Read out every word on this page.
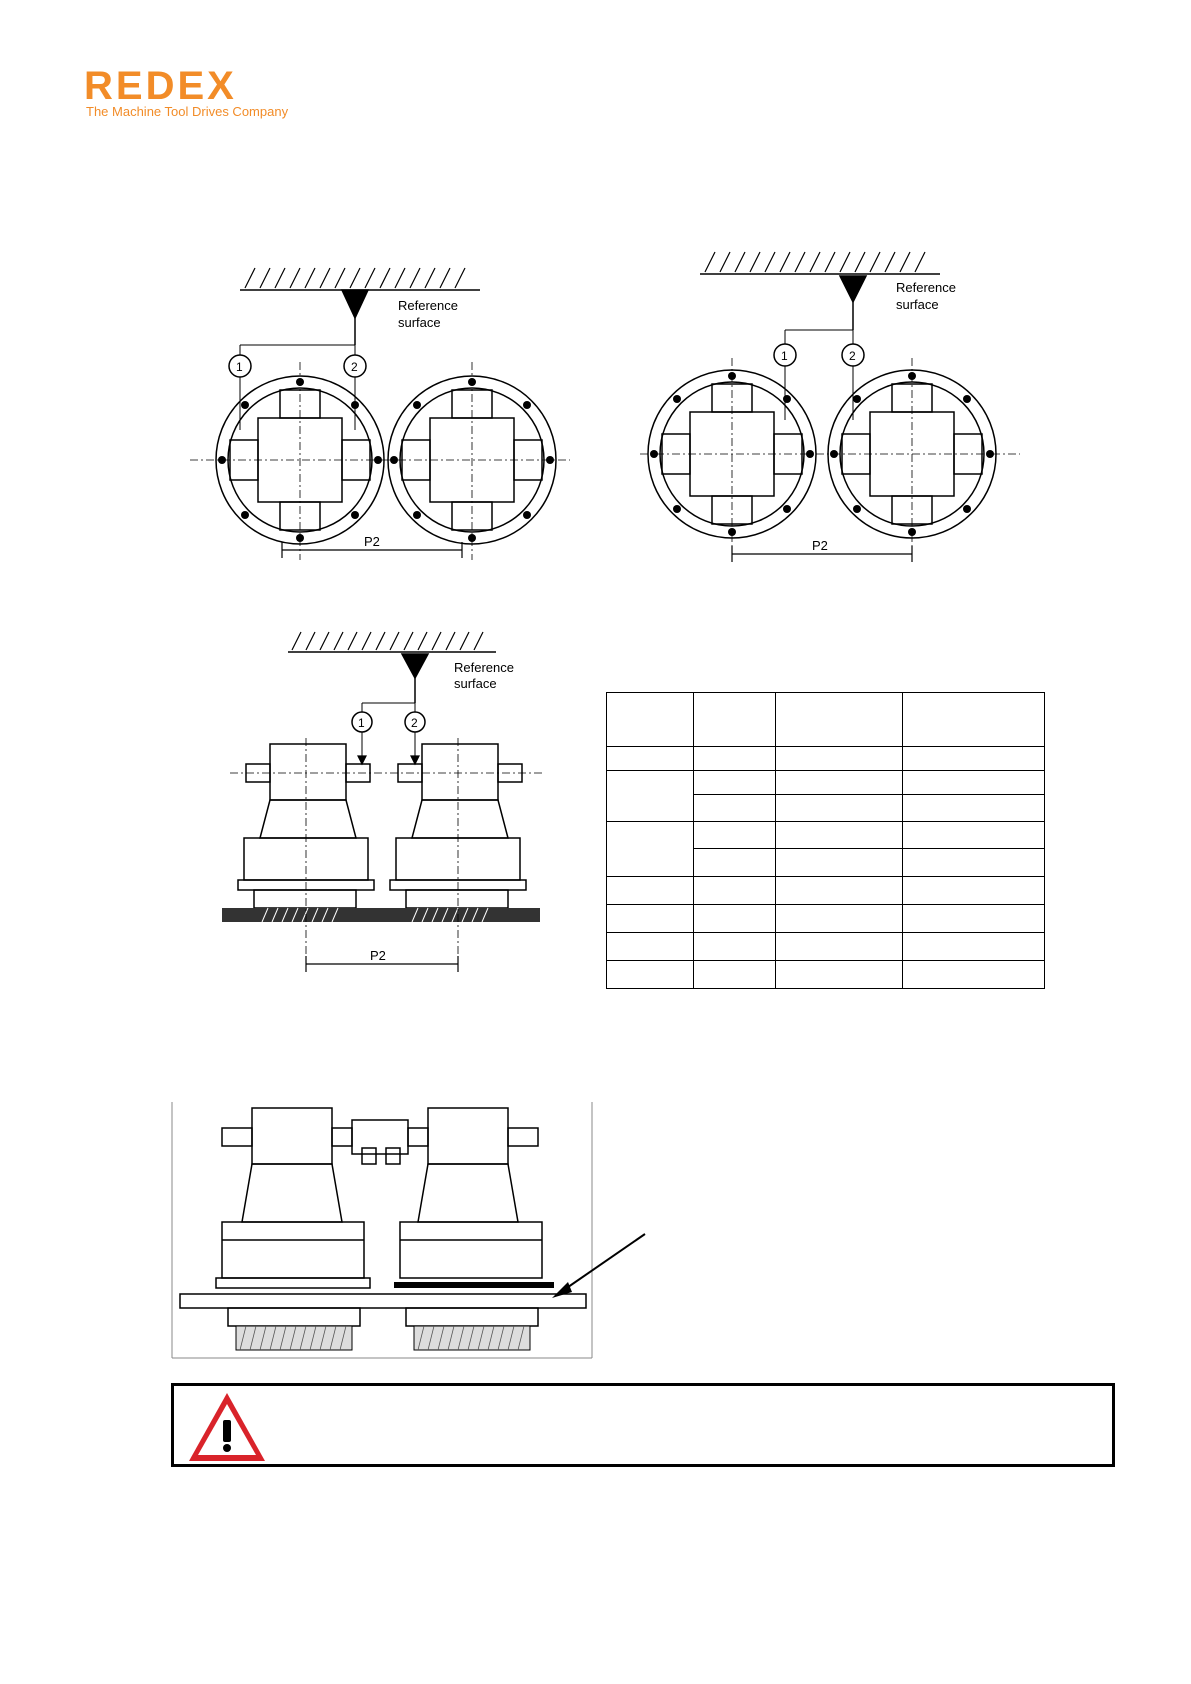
REDEX
The Machine Tool Drives Company
Reference
surface
1	2
P2
Reference
surface
1	2
P2
Reference
surface
1	2
P2
